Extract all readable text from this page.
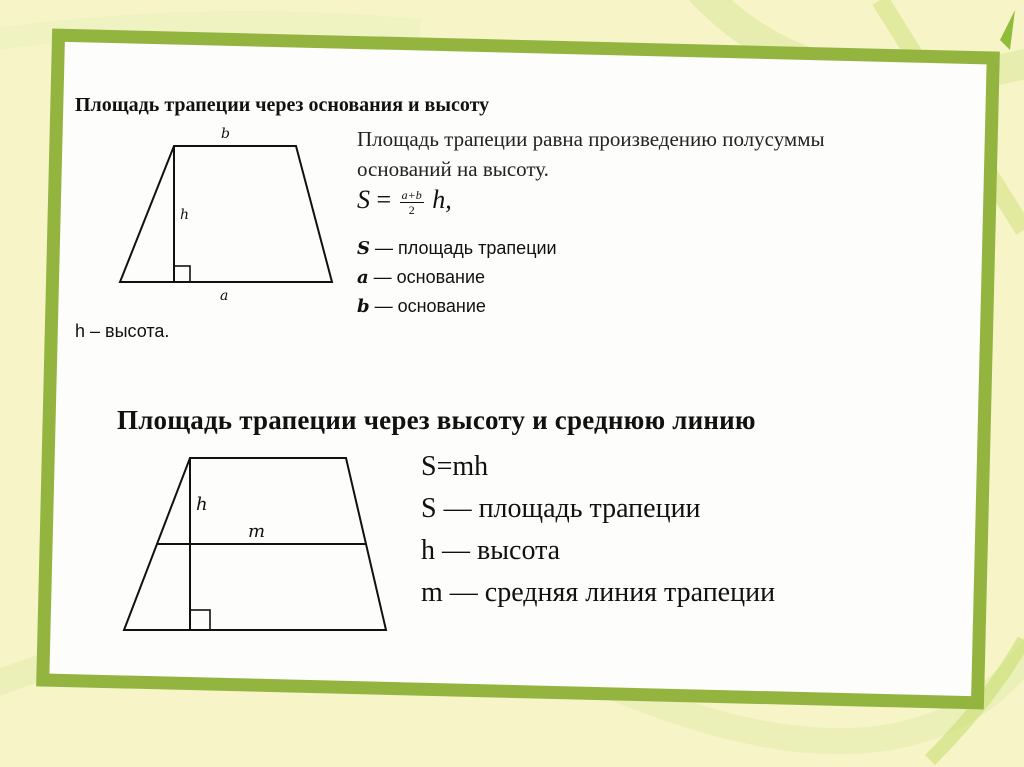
Площадь трапеции через основания и высоту
b
h
a
Площадь трапеции равна произведению полусуммы
оснований на высоту.
$S = \frac{a+b}{2} h$,
S — площадь трапеции
a — основание
b — основание
h – высота.
Площадь трапеции через высоту и среднюю линию
h
m
S=mh
S — площадь трапеции
h — высота
m — средняя линия трапеции
